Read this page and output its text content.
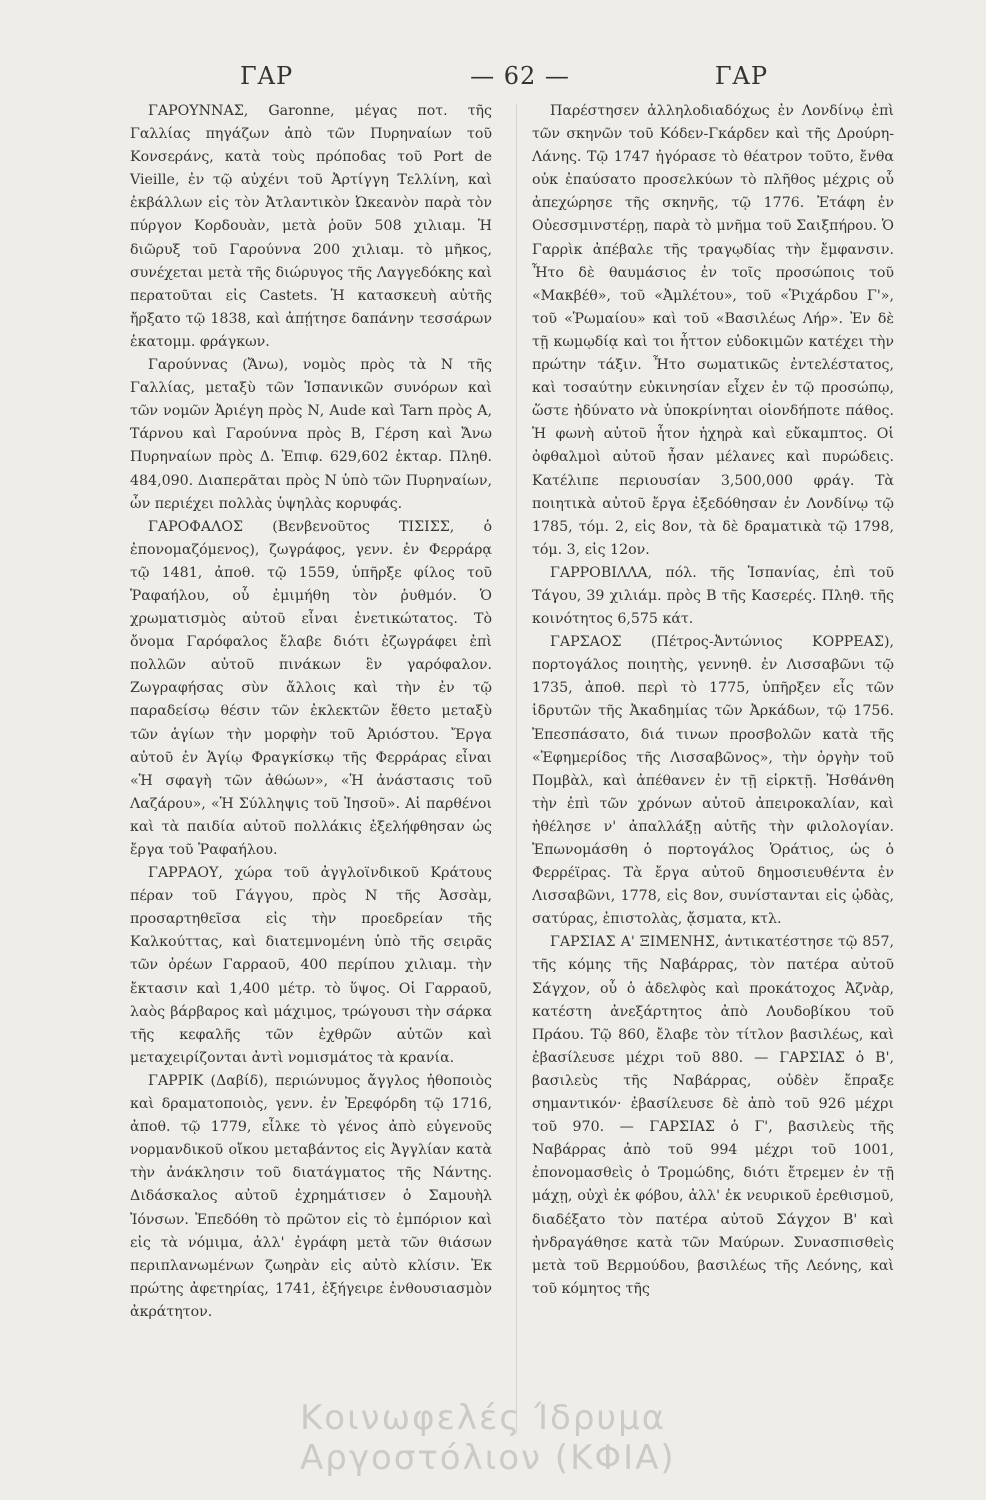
ΓΑΡ	— 62 —	ΓΑΡ

ΓΑΡΟΥΝΝΑΣ, Garonne, μέγας ποτ. τῆς Γαλλίας πηγάζων ἀπὸ τῶν Πυρηναίων τοῦ Κονσεράνς, κατὰ τοὺς πρόποδας τοῦ Port de Vieille, ἐν τῷ αὐχένι τοῦ Ἀρτίγγη Τελλίνη, καὶ ἐκβάλλων εἰς τὸν Ἀτλαντικὸν Ὠκεανὸν παρὰ τὸν πύργον Κορδουὰν, μετὰ ῥοῦν 508 χιλιαμ. Ἡ διῶρυξ τοῦ Γαρούννα 200 χιλιαμ. τὸ μῆκος, συνέχεται μετὰ τῆς διώρυγος τῆς Λαγγεδόκης καὶ περατοῦται εἰς Castets. Ἡ κατασκευὴ αὐτῆς ἤρξατο τῷ 1838, καὶ ἀπῄτησε δαπάνην τεσσάρων ἑκατομμ. φράγκων.

Γαρούννας (Ἄνω), νομὸς πρὸς τὰ Ν τῆς Γαλλίας, μεταξὺ τῶν Ἱσπανικῶν συνόρων καὶ τῶν νομῶν Ἀριέγη πρὸς Ν, Aude καὶ Tarn πρὸς Α, Τάρνου καὶ Γαρούννα πρὸς Β, Γέρση καὶ Ἄνω Πυρηναίων πρὸς Δ. Ἐπιφ. 629,602 ἑκταρ. Πληθ. 484,090. Διαπερᾶται πρὸς Ν ὑπὸ τῶν Πυρηναίων, ὧν περιέχει πολλὰς ὑψηλὰς κορυφάς.

ΓΑΡΟΦΑΛΟΣ (Βενβενοῦτος ΤΙΣΙΣΣ, ὁ ἐπονομαζόμενος), ζωγράφος, γενν. ἐν Φερράρᾳ τῷ 1481, ἀποθ. τῷ 1559, ὑπῆρξε φίλος τοῦ Ῥαφαήλου, οὗ ἐμιμήθη τὸν ῥυθμόν. Ὁ χρωματισμὸς αὐτοῦ εἶναι ἐνετικώτατος. Τὸ ὄνομα Γαρόφαλος ἔλαβε διότι ἐζωγράφει ἐπὶ πολλῶν αὐτοῦ πινάκων ἓν γαρόφαλον. Ζωγραφήσας σὺν ἄλλοις καὶ τὴν ἐν τῷ παραδείσῳ θέσιν τῶν ἐκλεκτῶν ἔθετο μεταξὺ τῶν ἁγίων τὴν μορφὴν τοῦ Ἀριόστου. Ἔργα αὐτοῦ ἐν Ἁγίῳ Φραγκίσκῳ τῆς Φερράρας εἶναι «Ἡ σφαγὴ τῶν ἀθώων», «Ἡ ἀνάστασις τοῦ Λαζάρου», «Ἡ Σύλληψις τοῦ Ἰησοῦ». Αἱ παρθένοι καὶ τὰ παιδία αὐτοῦ πολλάκις ἐξελήφθησαν ὡς ἔργα τοῦ Ῥαφαήλου.

ΓΑΡΡΑΟΥ, χώρα τοῦ ἀγγλοϊνδικοῦ Κράτους πέραν τοῦ Γάγγου, πρὸς Ν τῆς Ἀσσὰμ, προσαρτηθεῖσα εἰς τὴν προεδρείαν τῆς Καλκούττας, καὶ διατεμνομένη ὑπὸ τῆς σειρᾶς τῶν ὀρέων Γαρραοῦ, 400 περίπου χιλιαμ. τὴν ἔκτασιν καὶ 1,400 μέτρ. τὸ ὕψος. Οἱ Γαρραοῦ, λαὸς βάρβαρος καὶ μάχιμος, τρώγουσι τὴν σάρκα τῆς κεφαλῆς τῶν ἐχθρῶν αὐτῶν καὶ μεταχειρίζονται ἀντὶ νομισμάτος τὰ κρανία.

ΓΑΡΡΙΚ (Δαβίδ), περιώνυμος ἄγγλος ἠθοποιὸς καὶ δραματοποιὸς, γενν. ἐν Ἐρεφόρδη τῷ 1716, ἀποθ. τῷ 1779, εἶλκε τὸ γένος ἀπὸ εὐγενοῦς νορμανδικοῦ οἴκου μεταβάντος εἰς Ἀγγλίαν κατὰ τὴν ἀνάκλησιν τοῦ διατάγματος τῆς Νάντης. Διδάσκαλος αὐτοῦ ἐχρημάτισεν ὁ Σαμουὴλ Ἰόνσων. Ἐπεδόθη τὸ πρῶτον εἰς τὸ ἐμπόριον καὶ εἰς τὰ νόμιμα, ἀλλ' ἐγράφη μετὰ τῶν θιάσων περιπλανωμένων ζωηρὰν εἰς αὐτὸ κλίσιν. Ἐκ πρώτης ἀφετηρίας, 1741, ἐξήγειρε ἐνθουσιασμὸν ἀκράτητον.

Παρέστησεν ἀλληλοδιαδόχως ἐν Λονδίνῳ ἐπὶ τῶν σκηνῶν τοῦ Κόδεν-Γκάρδεν καὶ τῆς Δρούρη-Λάνης. Τῷ 1747 ἠγόρασε τὸ θέατρον τοῦτο, ἔνθα οὐκ ἐπαύσατο προσελκύων τὸ πλῆθος μέχρις οὗ ἀπεχώρησε τῆς σκηνῆς, τῷ 1776. Ἐτάφη ἐν Οὐεσσμινστέρῃ, παρὰ τὸ μνῆμα τοῦ Σαιξπήρου. Ὁ Γαρρὶκ ἀπέβαλε τῆς τραγῳδίας τὴν ἔμφανσιν. Ἦτο δὲ θαυμάσιος ἐν τοῖς προσώποις τοῦ «Μακβέθ», τοῦ «Ἀμλέτου», τοῦ «Ῥιχάρδου Γ'», τοῦ «Ῥωμαίου» καὶ τοῦ «Βασιλέως Λήρ». Ἐν δὲ τῇ κωμῳδίᾳ καὶ τοι ἧττον εὐδοκιμῶν κατέχει τὴν πρώτην τάξιν. Ἦτο σωματικῶς ἐντελέστατος, καὶ τοσαύτην εὐκινησίαν εἶχεν ἐν τῷ προσώπῳ, ὥστε ἠδύνατο νὰ ὑποκρίνηται οἱονδήποτε πάθος. Ἡ φωνὴ αὐτοῦ ἦτον ἠχηρὰ καὶ εὔκαμπτος. Οἱ ὀφθαλμοὶ αὐτοῦ ἦσαν μέλανες καὶ πυρώδεις. Κατέλιπε περιουσίαν 3,500,000 φράγ. Τὰ ποιητικὰ αὐτοῦ ἔργα ἐξεδόθησαν ἐν Λονδίνῳ τῷ 1785, τόμ. 2, εἰς 8ον, τὰ δὲ δραματικὰ τῷ 1798, τόμ. 3, εἰς 12ον.

ΓΑΡΡΟΒΙΛΛΑ, πόλ. τῆς Ἱσπανίας, ἐπὶ τοῦ Τάγου, 39 χιλιάμ. πρὸς Β τῆς Κασερές. Πληθ. τῆς κοινότητος 6,575 κάτ.

ΓΑΡΣΑΟΣ (Πέτρος-Ἀντώνιος ΚΟΡΡΕΑΣ), πορτογάλος ποιητὴς, γεννηθ. ἐν Λισσαβῶνι τῷ 1735, ἀποθ. περὶ τὸ 1775, ὑπῆρξεν εἷς τῶν ἱδρυτῶν τῆς Ἀκαδημίας τῶν Ἀρκάδων, τῷ 1756. Ἐπεσπάσατο, διά τινων προσβολῶν κατὰ τῆς «Ἐφημερίδος τῆς Λισσαβῶνος», τὴν ὀργὴν τοῦ Πομβὰλ, καὶ ἀπέθανεν ἐν τῇ εἱρκτῇ. Ἠσθάνθη τὴν ἐπὶ τῶν χρόνων αὐτοῦ ἀπειροκαλίαν, καὶ ἠθέλησε ν' ἀπαλλάξῃ αὐτῆς τὴν φιλολογίαν. Ἐπωνομάσθη ὁ πορτογάλος Ὁράτιος, ὡς ὁ Φερρέϊρας. Τὰ ἔργα αὐτοῦ δημοσιευθέντα ἐν Λισσαβῶνι, 1778, εἰς 8ον, συνίστανται εἰς ᾠδὰς, σατύρας, ἐπιστολὰς, ᾄσματα, κτλ.

ΓΑΡΣΙΑΣ Α' ΞΙΜΕΝΗΣ, ἀντικατέστησε τῷ 857, τῆς κόμης τῆς Ναβάρρας, τὸν πατέρα αὐτοῦ Σάγχον, οὗ ὁ ἀδελφὸς καὶ προκάτοχος Ἀζνὰρ, κατέστη ἀνεξάρτητος ἀπὸ Λουδοβίκου τοῦ Πράου. Τῷ 860, ἔλαβε τὸν τίτλον βασιλέως, καὶ ἐβασίλευσε μέχρι τοῦ 880. — ΓΑΡΣΙΑΣ ὁ Β', βασιλεὺς τῆς Ναβάρρας, οὐδὲν ἔπραξε σημαντικόν· ἐβασίλευσε δὲ ἀπὸ τοῦ 926 μέχρι τοῦ 970. — ΓΑΡΣΙΑΣ ὁ Γ', βασιλεὺς τῆς Ναβάρρας ἀπὸ τοῦ 994 μέχρι τοῦ 1001, ἐπονομασθεὶς ὁ Τρομώδης, διότι ἔτρεμεν ἐν τῇ μάχῃ, οὐχὶ ἐκ φόβου, ἀλλ' ἐκ νευρικοῦ ἐρεθισμοῦ, διαδέξατο τὸν πατέρα αὐτοῦ Σάγχον Β' καὶ ἠνδραγάθησε κατὰ τῶν Μαύρων. Συνασπισθεὶς μετὰ τοῦ Βερμούδου, βασιλέως τῆς Λεόνης, καὶ τοῦ κόμητος τῆς

Κοινωφελές Ίδρυμα
Αργοστόλιον (ΚΦΙΑ)
